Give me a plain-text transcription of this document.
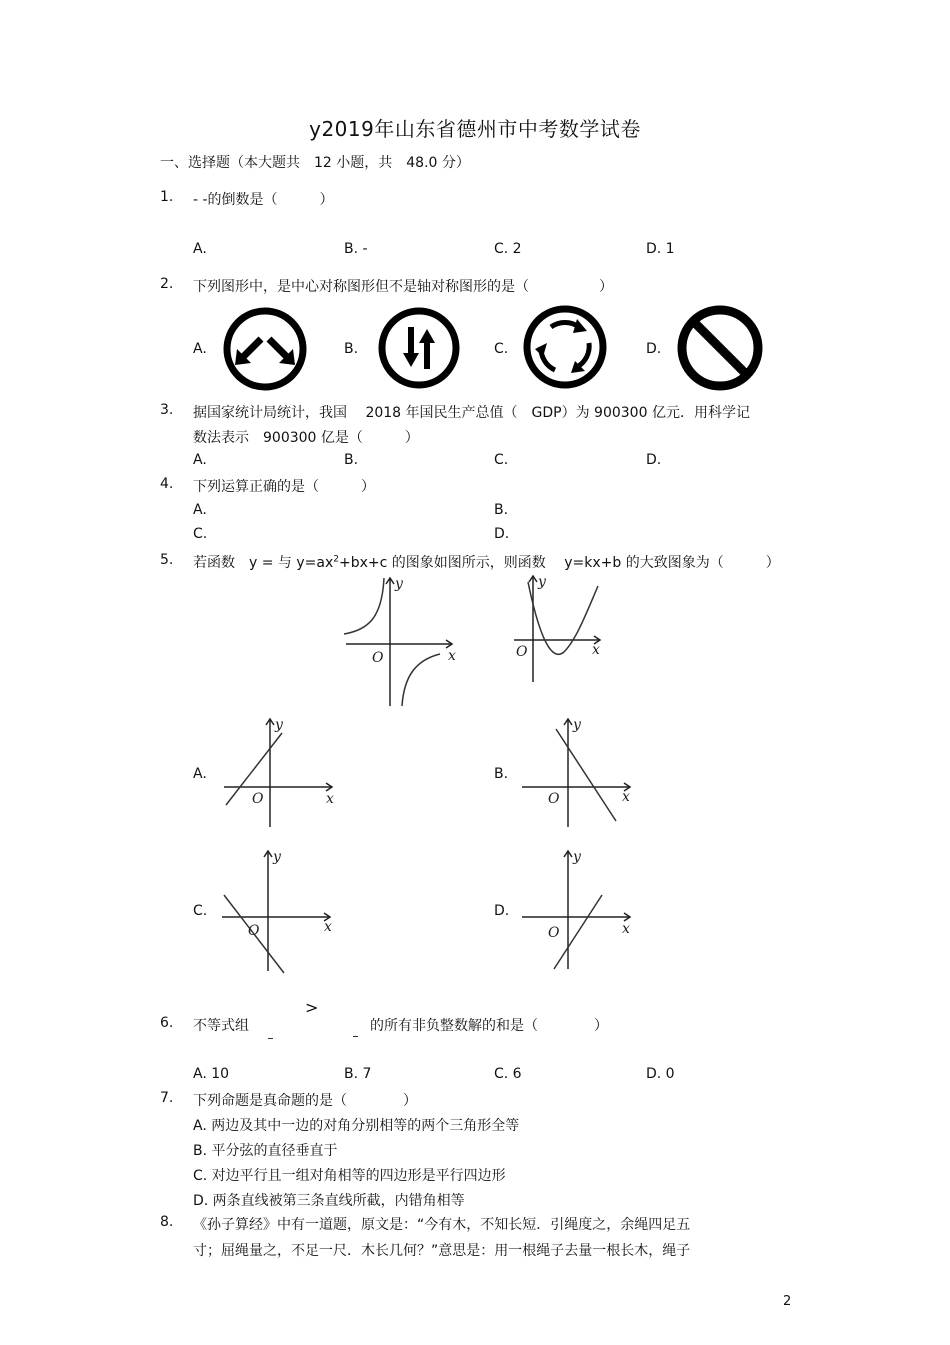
y2019年山东省德州市中考数学试卷
一、选择题（本大题共　12 小题，共　48.0 分）
1. - -的倒数是（　　　）
A.	B. -	C. 2	D. 1
2. 下列图形中，是中心对称图形但不是轴对称图形的是（　　　　　）
A.	B.	C.	D.
3. 据国家统计局统计，我国　 2018 年国民生产总值（　GDP）为 900300 亿元．用科学记
数法表示　900300 亿是（　　　）
A.	B.	C.	D.
4. 下列运算正确的是（　　　）
A.	B.
C.	D.
5. 若函数　y = 与 $y=ax^2+bx+c$ 的图象如图所示，则函数　 y=kx+b 的大致图象为（　　　）
y
x
O
y
x
O
A.	B.
C.	D.
y
x
O
y
x
O
y
x
O
y
x
O
6. 不等式组
>
的所有非负整数解的和是（　　　　）
A. 10	B. 7	C. 6	D. 0
7. 下列命题是真命题的是（　　　　）
A. 两边及其中一边的对角分别相等的两个三角形全等
B. 平分弦的直径垂直于
C. 对边平行且一组对角相等的四边形是平行四边形
D. 两条直线被第三条直线所截，内错角相等
8. 《孙子算经》中有一道题，原文是：“今有木，不知长短．引绳度之，余绳四足五
寸；屈绳量之，不足一尺．木长几何？”意思是：用一根绳子去量一根长木，绳子
2
